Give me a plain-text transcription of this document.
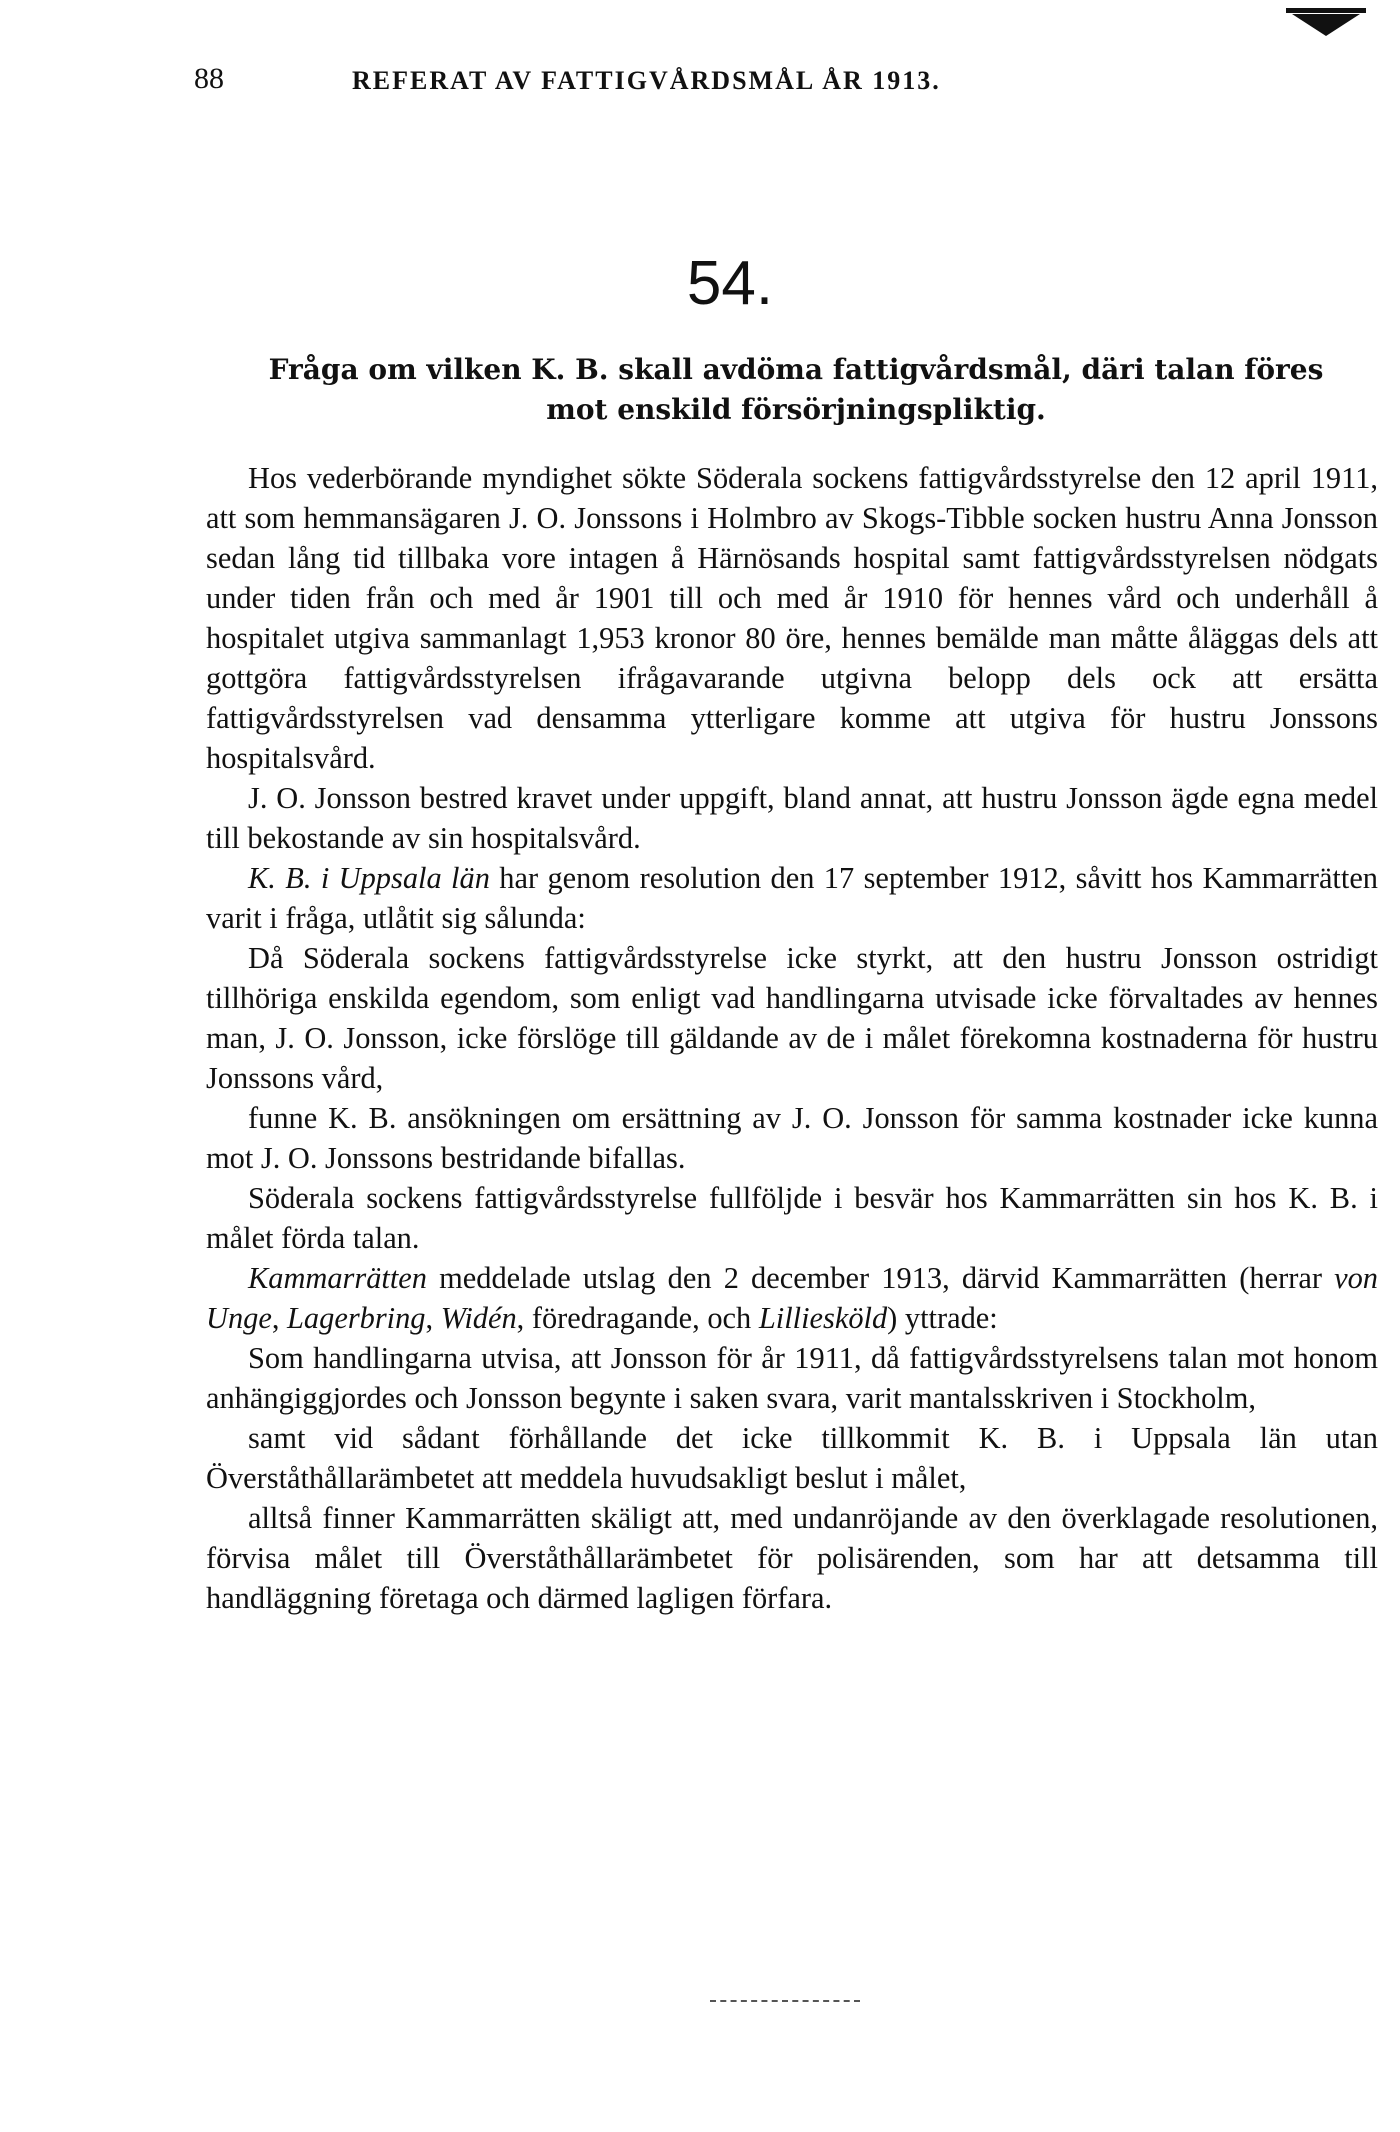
88	REFERAT AV FATTIGVÅRDSMÅL ÅR 1913.
54.
Fråga om vilken K. B. skall avdöma fattigvårdsmål, däri talan föres
mot enskild försörjningspliktig.

Hos vederbörande myndighet sökte Söderala sockens fattigvårdsstyrelse den 12 april 1911, att som hemmansägaren J. O. Jonssons i Holmbro av Skogs-Tibble socken hustru Anna Jonsson sedan lång tid tillbaka vore intagen å Härnösands hospital samt fattigvårdsstyrelsen nödgats under tiden från och med år 1901 till och med år 1910 för hennes vård och underhåll å hospitalet utgiva sammanlagt 1,953 kronor 80 öre, hennes bemälde man måtte åläggas dels att gottgöra fattigvårdsstyrelsen ifrågavarande utgivna belopp dels ock att ersätta fattigvårdsstyrelsen vad densamma ytterligare komme att utgiva för hustru Jonssons hospitalsvård.

J. O. Jonsson bestred kravet under uppgift, bland annat, att hustru Jonsson ägde egna medel till bekostande av sin hospitalsvård.

K. B. i Uppsala län har genom resolution den 17 september 1912, såvitt hos Kammarrätten varit i fråga, utlåtit sig sålunda:

Då Söderala sockens fattigvårdsstyrelse icke styrkt, att den hustru Jonsson ostridigt tillhöriga enskilda egendom, som enligt vad handlingarna utvisade icke förvaltades av hennes man, J. O. Jonsson, icke förslöge till gäldande av de i målet förekomna kostnaderna för hustru Jonssons vård,

funne K. B. ansökningen om ersättning av J. O. Jonsson för samma kostnader icke kunna mot J. O. Jonssons bestridande bifallas.

Söderala sockens fattigvårdsstyrelse fullföljde i besvär hos Kammarrätten sin hos K. B. i målet förda talan.

Kammarrätten meddelade utslag den 2 december 1913, därvid Kammarrätten (herrar von Unge, Lagerbring, Widén, föredragande, och Lilliesköld) yttrade:

Som handlingarna utvisa, att Jonsson för år 1911, då fattigvårdsstyrelsens talan mot honom anhängiggjordes och Jonsson begynte i saken svara, varit mantalsskriven i Stockholm,

samt vid sådant förhållande det icke tillkommit K. B. i Uppsala län utan Överståthållarämbetet att meddela huvudsakligt beslut i målet,

alltså finner Kammarrätten skäligt att, med undanröjande av den överklagade resolutionen, förvisa målet till Överståthållarämbetet för polisärenden, som har att detsamma till handläggning företaga och därmed lagligen förfara.
